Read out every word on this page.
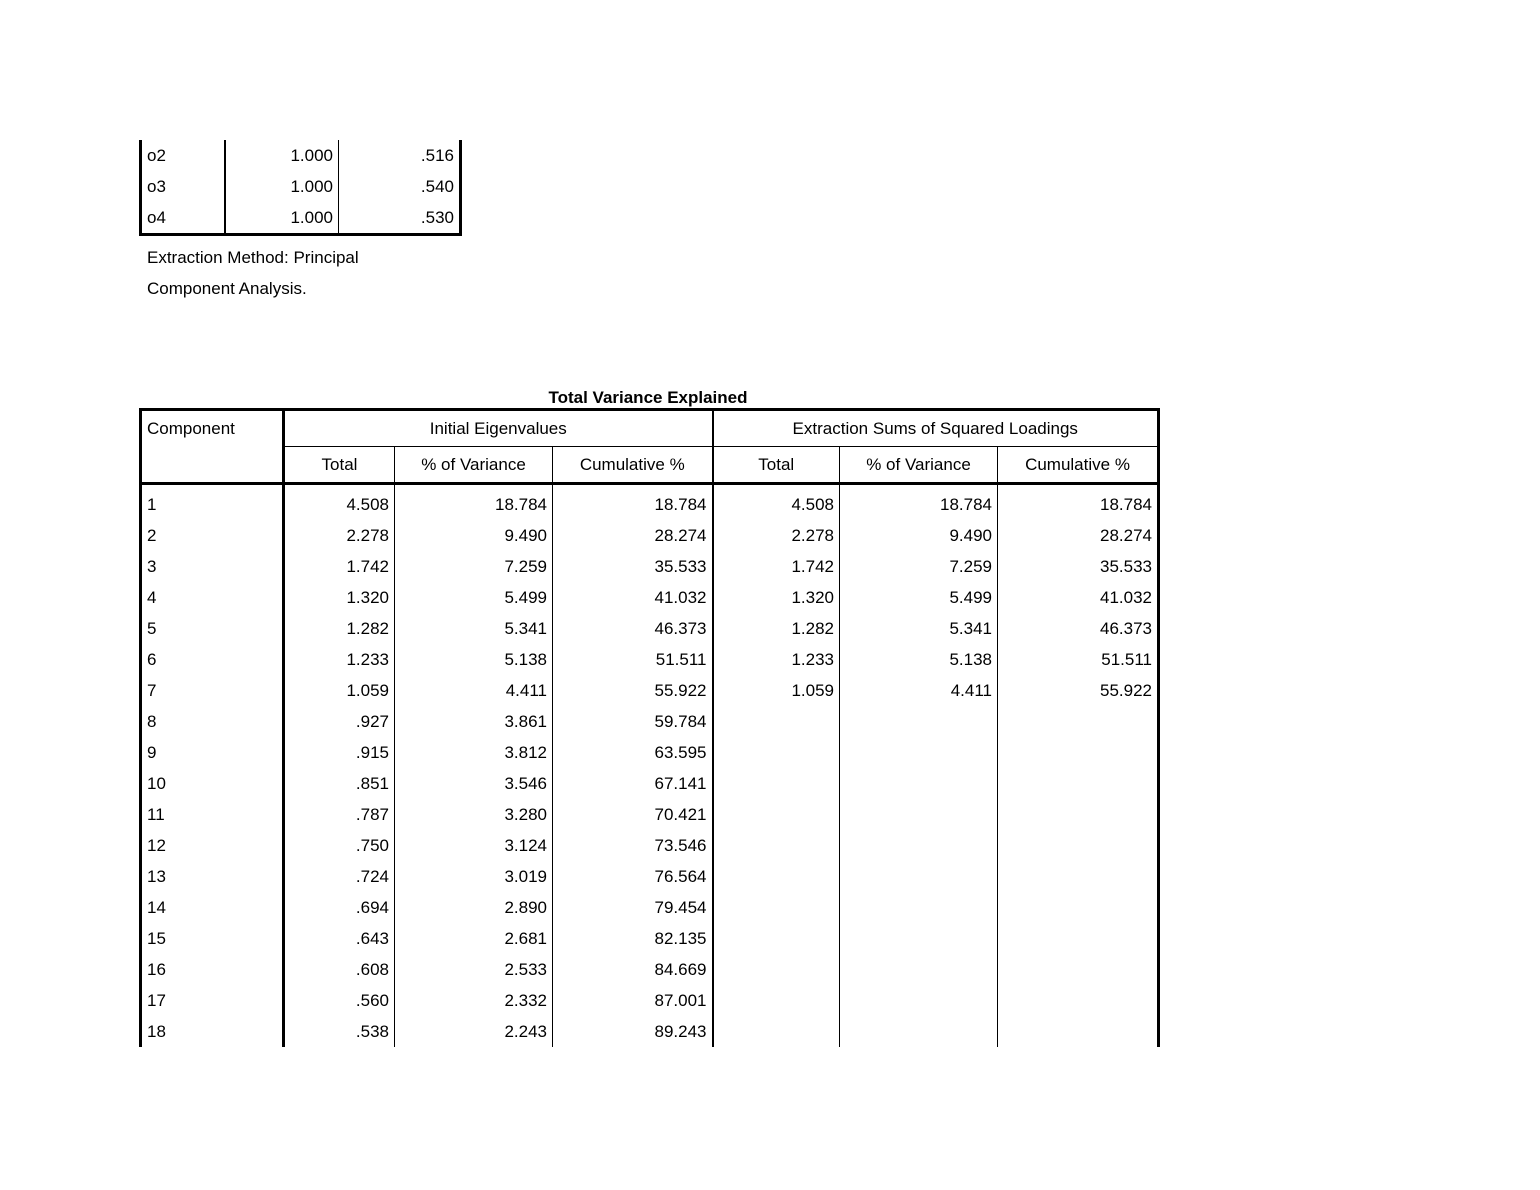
o2	1.000	.516
o3	1.000	.540
o4	1.000	.530
Extraction Method: Principal
Component Analysis.
Total Variance Explained
Component	Initial Eigenvalues			Extraction Sums of Squared Loadings		
	Total	% of Variance	Cumulative %	Total	% of Variance	Cumulative %
1	4.508	18.784	18.784	4.508	18.784	18.784
2	2.278	9.490	28.274	2.278	9.490	28.274
3	1.742	7.259	35.533	1.742	7.259	35.533
4	1.320	5.499	41.032	1.320	5.499	41.032
5	1.282	5.341	46.373	1.282	5.341	46.373
6	1.233	5.138	51.511	1.233	5.138	51.511
7	1.059	4.411	55.922	1.059	4.411	55.922
8	.927	3.861	59.784			
9	.915	3.812	63.595			
10	.851	3.546	67.141			
11	.787	3.280	70.421			
12	.750	3.124	73.546			
13	.724	3.019	76.564			
14	.694	2.890	79.454			
15	.643	2.681	82.135			
16	.608	2.533	84.669			
17	.560	2.332	87.001			
18	.538	2.243	89.243			
